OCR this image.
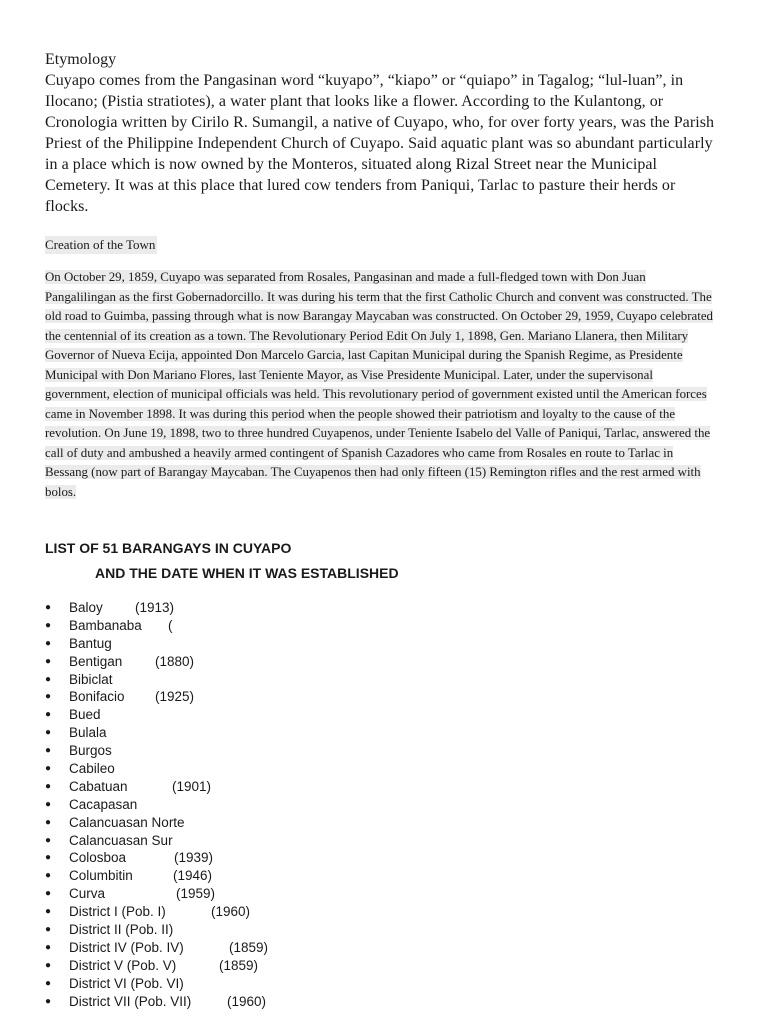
Etymology

Cuyapo comes from the Pangasinan word “kuyapo”, “kiapo” or “quiapo” in Tagalog; “lul-luan”, in Ilocano; (Pistia stratiotes), a water plant that looks like a flower. According to the Kulantong, or Cronologia written by Cirilo R. Sumangil, a native of Cuyapo, who, for over forty years, was the Parish Priest of the Philippine Independent Church of Cuyapo. Said aquatic plant was so abundant particularly in a place which is now owned by the Monteros, situated along Rizal Street near the Municipal Cemetery. It was at this place that lured cow tenders from Paniqui, Tarlac to pasture their herds or flocks.

Creation of the Town

On October 29, 1859, Cuyapo was separated from Rosales, Pangasinan and made a full-fledged town with Don Juan Pangalilingan as the first Gobernadorcillo. It was during his term that the first Catholic Church and convent was constructed. The old road to Guimba, passing through what is now Barangay Maycaban was constructed. On October 29, 1959, Cuyapo celebrated the centennial of its creation as a town. The Revolutionary Period Edit On July 1, 1898, Gen. Mariano Llanera, then Military Governor of Nueva Ecija, appointed Don Marcelo Garcia, last Capitan Municipal during the Spanish Regime, as Presidente Municipal with Don Mariano Flores, last Teniente Mayor, as Vise Presidente Municipal. Later, under the supervisonal government, election of municipal officials was held. This revolutionary period of government existed until the American forces came in November 1898. It was during this period when the people showed their patriotism and loyalty to the cause of the revolution. On June 19, 1898, two to three hundred Cuyapenos, under Teniente Isabelo del Valle of Paniqui, Tarlac, answered the call of duty and ambushed a heavily armed contingent of Spanish Cazadores who came from Rosales en route to Tarlac in Bessang (now part of Barangay Maycaban. The Cuyapenos then had only fifteen (15) Remington rifles and the rest armed with bolos.

LIST OF 51 BARANGAYS IN CUYAPO

AND THE DATE WHEN IT WAS ESTABLISHED

● Baloy (1913)
● Bambanaba (
● Bantug
● Bentigan (1880)
● Bibiclat
● Bonifacio (1925)
● Bued
● Bulala
● Burgos
● Cabileo
● Cabatuan	(1901)
● Cacapasan
● Calancuasan Norte
● Calancuasan Sur
● Colosboa	(1939)
● Columbitin	(1946)
● Curva	(1959)
● District I (Pob. I)	(1960)
● District II (Pob. II)
● District IV (Pob. IV)	(1859)
● District V (Pob. V)	(1859)
● District VI (Pob. VI)
● District VII (Pob. VII)	(1960)
